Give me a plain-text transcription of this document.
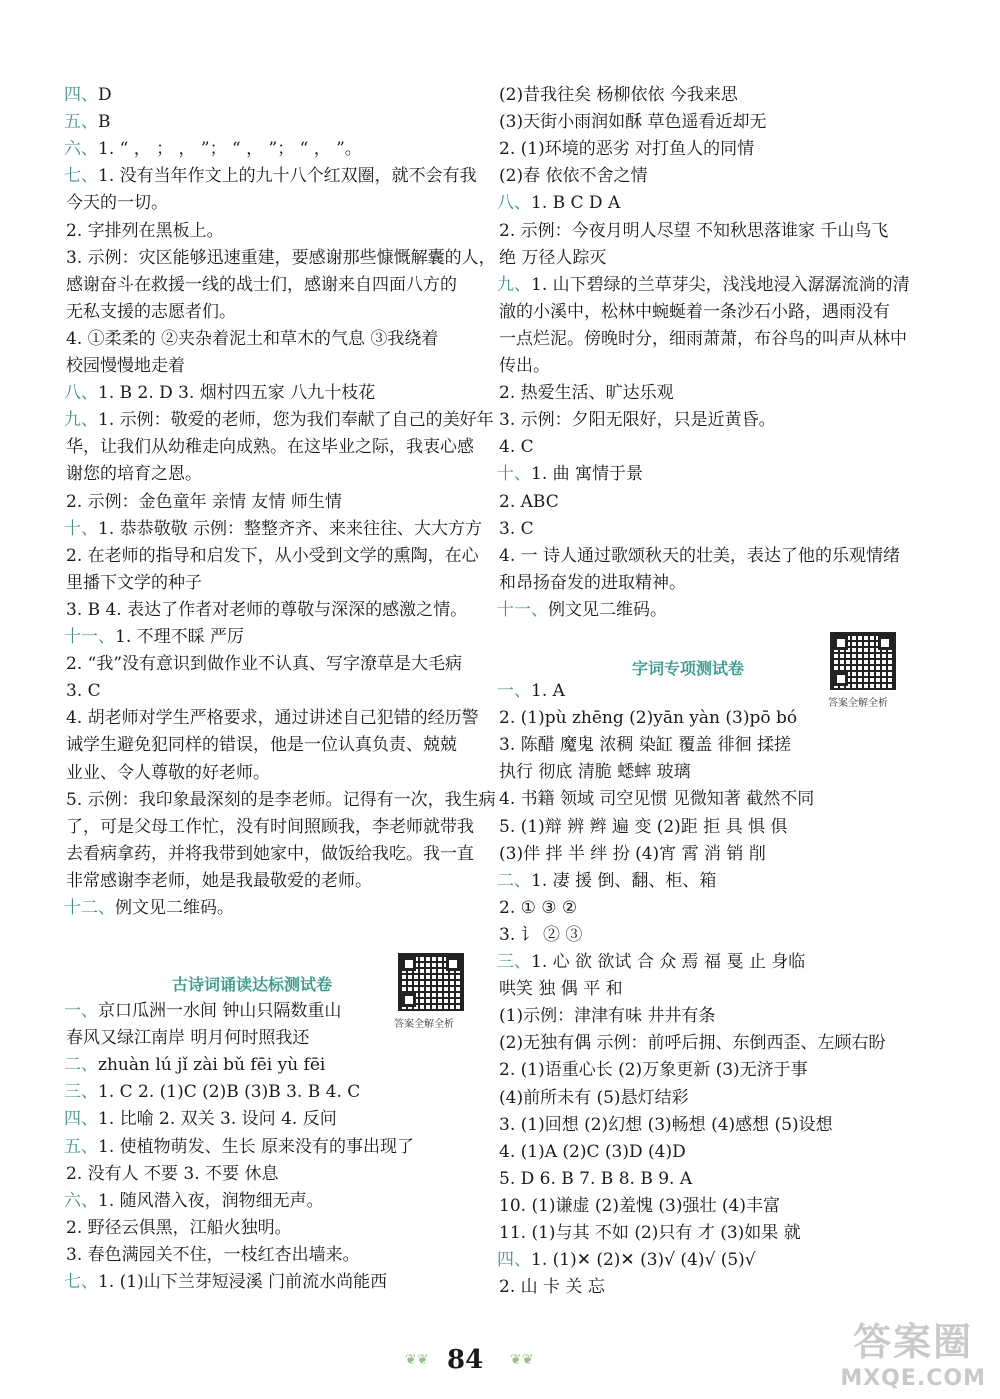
四、D
五、B
六、1. “ ， ； ， ”； “ ， ”； “ ， ”。
七、1. 没有当年作文上的九十八个红双圈，就不会有我
今天的一切。
2. 字排列在黑板上。
3. 示例：灾区能够迅速重建，要感谢那些慷慨解囊的人，
感谢奋斗在救援一线的战士们，感谢来自四面八方的
无私支援的志愿者们。
4. ①柔柔的 ②夹杂着泥土和草木的气息 ③我绕着
校园慢慢地走着
八、1. B 2. D 3. 烟村四五家 八九十枝花
九、1. 示例：敬爱的老师，您为我们奉献了自己的美好年
华，让我们从幼稚走向成熟。在这毕业之际，我衷心感
谢您的培育之恩。
2. 示例：金色童年 亲情 友情 师生情
十、1. 恭恭敬敬 示例：整整齐齐、来来往往、大大方方
2. 在老师的指导和启发下，从小受到文学的熏陶，在心
里播下文学的种子
3. B 4. 表达了作者对老师的尊敬与深深的感激之情。
十一、1. 不理不睬 严厉
2. “我”没有意识到做作业不认真、写字潦草是大毛病
3. C
4. 胡老师对学生严格要求，通过讲述自己犯错的经历警
诫学生避免犯同样的错误，他是一位认真负责、兢兢
业业、令人尊敬的好老师。
5. 示例：我印象最深刻的是李老师。记得有一次，我生病
了，可是父母工作忙，没有时间照顾我，李老师就带我
去看病拿药，并将我带到她家中，做饭给我吃。我一直
非常感谢李老师，她是我最敬爱的老师。
十二、例文见二维码。
古诗词诵读达标测试卷
答案全解全析
一、京口瓜洲一水间 钟山只隔数重山
春风又绿江南岸 明月何时照我还
二、zhuàn lú jǐ zài bǔ fēi yù fēi
三、1. C 2. (1)C (2)B (3)B 3. B 4. C
四、1. 比喻 2. 双关 3. 设问 4. 反问
五、1. 使植物萌发、生长 原来没有的事出现了
2. 没有人 不要 3. 不要 休息
六、1. 随风潜入夜，润物细无声。
2. 野径云俱黑，江船火独明。
3. 春色满园关不住，一枝红杏出墙来。
七、1. (1)山下兰芽短浸溪 门前流水尚能西
(2)昔我往矣 杨柳依依 今我来思
(3)天街小雨润如酥 草色遥看近却无
2. (1)环境的恶劣 对打鱼人的同情
(2)春 依依不舍之情
八、1. B C D A
2. 示例：今夜月明人尽望 不知秋思落谁家 千山鸟飞
绝 万径人踪灭
九、1. 山下碧绿的兰草芽尖，浅浅地浸入潺潺流淌的清
澈的小溪中，松林中蜿蜒着一条沙石小路，遇雨没有
一点烂泥。傍晚时分，细雨萧萧，布谷鸟的叫声从林中
传出。
2. 热爱生活、旷达乐观
3. 示例：夕阳无限好，只是近黄昏。
4. C
十、1. 曲 寓情于景
2. ABC
3. C
4. 一 诗人通过歌颂秋天的壮美，表达了他的乐观情绪
和昂扬奋发的进取精神。
十一、例文见二维码。
字词专项测试卷
答案全解全析
一、1. A
2. (1)pù zhēng (2)yān yàn (3)pō bó
3. 陈醋 魔鬼 浓稠 染缸 覆盖 徘徊 揉搓
执行 彻底 清脆 蟋蟀 玻璃
4. 书籍 领域 司空见惯 见微知著 截然不同
5. (1)辩 辨 辫 遍 变 (2)距 拒 具 惧 俱
(3)伴 拌 半 绊 扮 (4)宵 霄 消 销 削
二、1. 凄 援 倒、翻、柜、箱
2. ① ③ ②
3. 讠 ② ③
三、1. 心 欲 欲试 合 众 焉 福 戛 止 身临
哄笑 独 偶 平 和
(1)示例：津津有味 井井有条
(2)无独有偶 示例：前呼后拥、东倒西歪、左顾右盼
2. (1)语重心长 (2)万象更新 (3)无济于事
(4)前所未有 (5)悬灯结彩
3. (1)回想 (2)幻想 (3)畅想 (4)感想 (5)设想
4. (1)A (2)C (3)D (4)D
5. D 6. B 7. B 8. B 9. A
10. (1)谦虚 (2)羞愧 (3)强壮 (4)丰富
11. (1)与其 不如 (2)只有 才 (3)如果 就
四、1. (1)✕ (2)✕ (3)√ (4)√ (5)√
2. 山 卡 关 忘
❦❦ 84 ❦❦	答案圈
MXQE.COM
